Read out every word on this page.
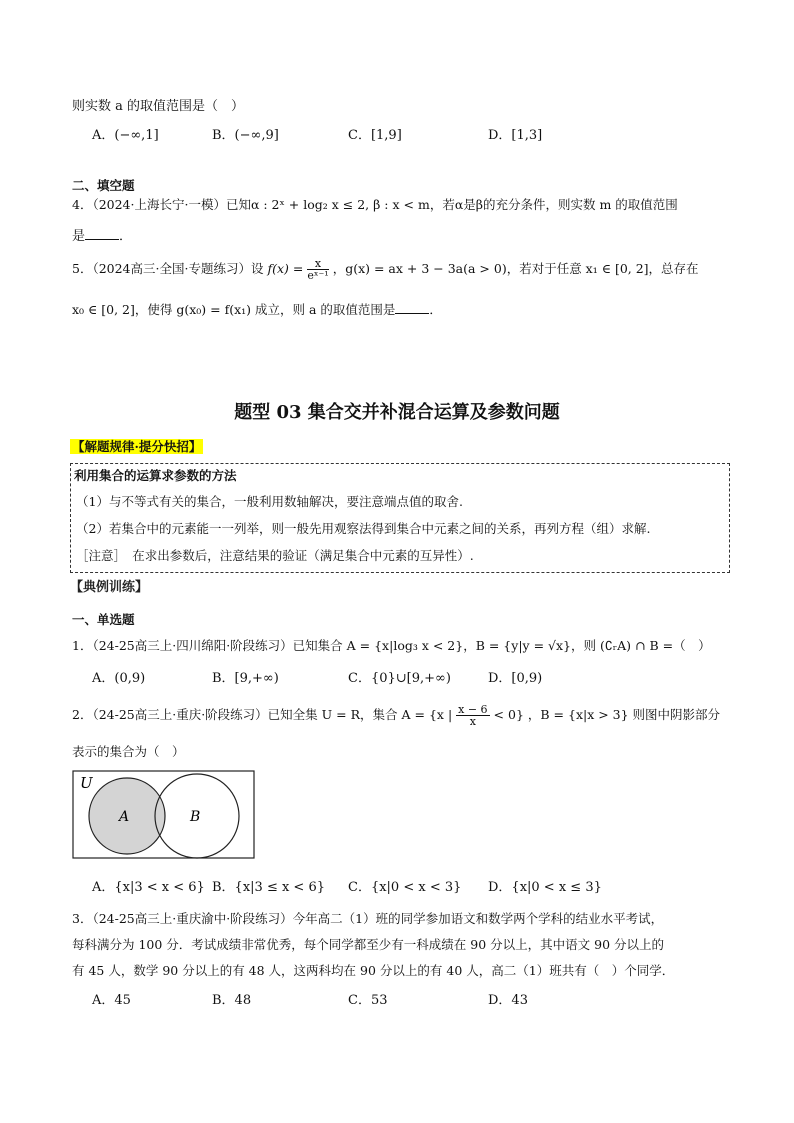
则实数 a 的取值范围是（　）
A．(−∞,1]	B．(−∞,9]	C．[1,9]	D．[1,3]
二、填空题
4．（2024·上海长宁·一模）已知α : 2ˣ + log₂ x ≤ 2, β : x < m，若α是β的充分条件，则实数 m 的取值范围
是	．
5．（2024高三·全国·专题练习）设 $f(x) = \frac{x}{\text{eˣ⁻¹}}$ ，g(x) = ax + 3 − 3a(a > 0)，若对于任意 x₁ ∈ [0, 2]，总存在
x₀ ∈ [0, 2]，使得 g(x₀) = f(x₁) 成立，则 a 的取值范围是	．
题型 03 集合交并补混合运算及参数问题
【解题规律·提分快招】
利用集合的运算求参数的方法
（1）与不等式有关的集合，一般利用数轴解决，要注意端点值的取舍.
（2）若集合中的元素能一一列举，则一般先用观察法得到集合中元素之间的关系，再列方程（组）求解.
［注意］　在求出参数后，注意结果的验证（满足集合中元素的互异性）.
【典例训练】
一、单选题
1．（24-25高三上·四川绵阳·阶段练习）已知集合 A = {x|log₃ x < 2}，B = {y|y = √x}，则 (∁ᵣA) ∩ B =（　）
A．(0,9)	B．[9,+∞)	C．{0}∪[9,+∞)	D．[0,9)
2．（24-25高三上·重庆·阶段练习）已知全集 U = R，集合 A = {x | $\frac{x - 6}{x} < 0$} ，B = {x|x > 3} 则图中阴影部分
表示的集合为（　）
U
A	B
A．{x|3 < x < 6} B．{x|3 ≤ x < 6} C．{x|0 < x < 3} D．{x|0 < x ≤ 3}
3．（24-25高三上·重庆渝中·阶段练习）今年高二（1）班的同学参加语文和数学两个学科的结业水平考试，
每科满分为 100 分．考试成绩非常优秀，每个同学都至少有一科成绩在 90 分以上，其中语文 90 分以上的
有 45 人，数学 90 分以上的有 48 人，这两科均在 90 分以上的有 40 人，高二（1）班共有（　）个同学．
A．45	B．48	C．53	D．43
